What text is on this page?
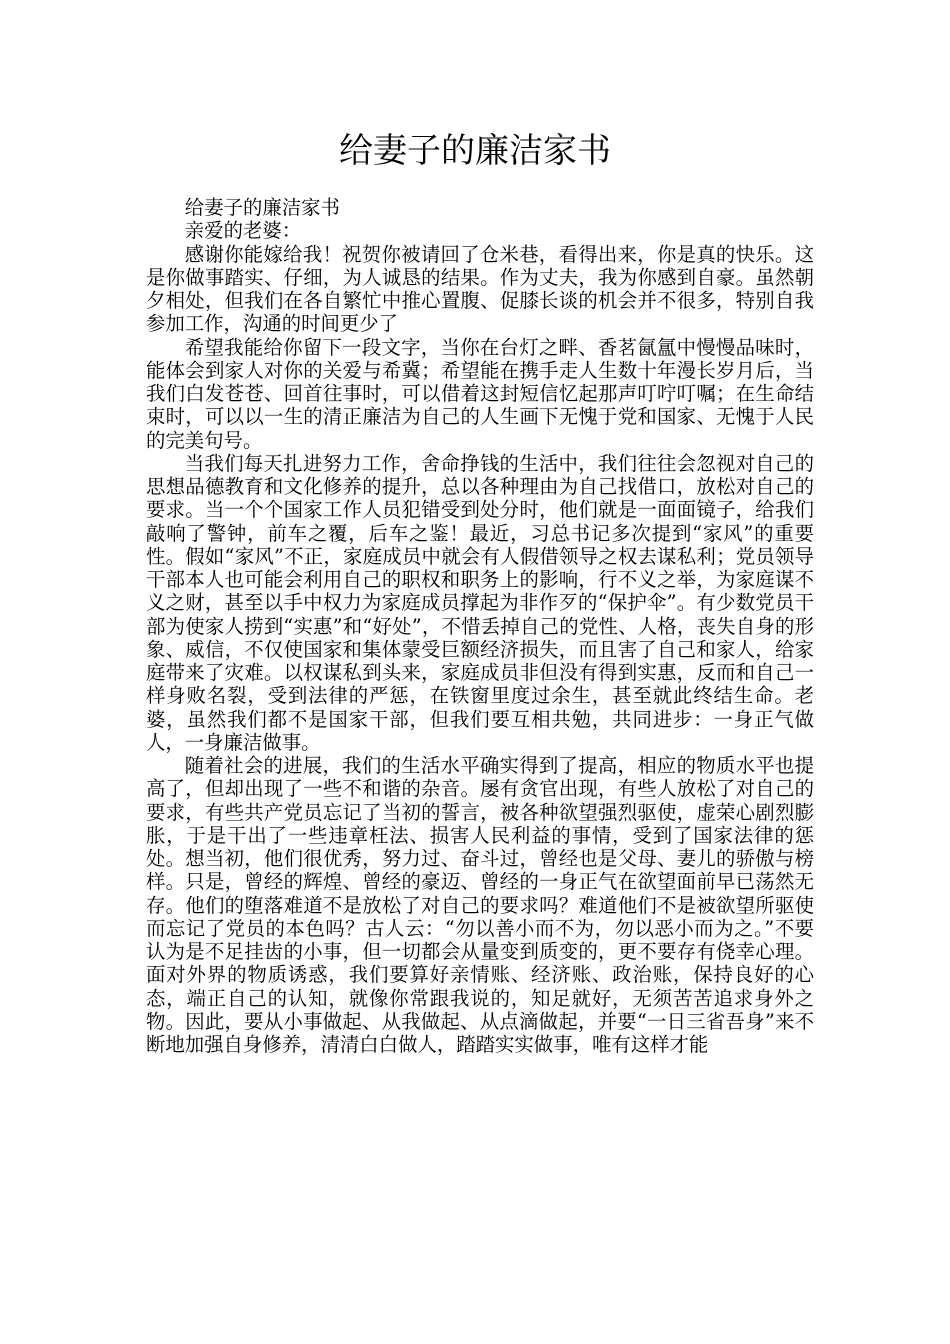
给妻子的廉洁家书

给妻子的廉洁家书

亲爱的老婆：

感谢你能嫁给我！祝贺你被请回了仓米巷，看得出来，你是真的快乐。这是你做事踏实、仔细，为人诚恳的结果。作为丈夫，我为你感到自豪。虽然朝夕相处，但我们在各自繁忙中推心置腹、促膝长谈的机会并不很多，特别自我参加工作，沟通的时间更少了

希望我能给你留下一段文字，当你在台灯之畔、香茗氤氲中慢慢品味时，能体会到家人对你的关爱与希冀；希望能在携手走人生数十年漫长岁月后，当我们白发苍苍、回首往事时，可以借着这封短信忆起那声叮咛叮嘱；在生命结束时，可以以一生的清正廉洁为自己的人生画下无愧于党和国家、无愧于人民的完美句号。

当我们每天扎进努力工作，舍命挣钱的生活中，我们往往会忽视对自己的思想品德教育和文化修养的提升，总以各种理由为自己找借口，放松对自己的要求。当一个个国家工作人员犯错受到处分时，他们就是一面面镜子，给我们敲响了警钟，前车之覆，后车之鉴！最近，习总书记多次提到“家风”的重要性。假如“家风”不正，家庭成员中就会有人假借领导之权去谋私利；党员领导干部本人也可能会利用自己的职权和职务上的影响，行不义之举，为家庭谋不义之财，甚至以手中权力为家庭成员撑起为非作歹的“保护伞”。有少数党员干部为使家人捞到“实惠”和“好处”，不惜丢掉自己的党性、人格，丧失自身的形象、威信，不仅使国家和集体蒙受巨额经济损失，而且害了自己和家人，给家庭带来了灾难。以权谋私到头来，家庭成员非但没有得到实惠，反而和自己一样身败名裂，受到法律的严惩，在铁窗里度过余生，甚至就此终结生命。老婆，虽然我们都不是国家干部，但我们要互相共勉，共同进步：一身正气做人，一身廉洁做事。

随着社会的进展，我们的生活水平确实得到了提高，相应的物质水平也提高了，但却出现了一些不和谐的杂音。屡有贪官出现，有些人放松了对自己的要求，有些共产党员忘记了当初的誓言，被各种欲望强烈驱使，虚荣心剧烈膨胀，于是干出了一些违章枉法、损害人民利益的事情，受到了国家法律的惩处。想当初，他们很优秀，努力过、奋斗过，曾经也是父母、妻儿的骄傲与榜样。只是，曾经的辉煌、曾经的豪迈、曾经的一身正气在欲望面前早已荡然无存。他们的堕落难道不是放松了对自己的要求吗？难道他们不是被欲望所驱使而忘记了党员的本色吗？古人云：“勿以善小而不为，勿以恶小而为之。”不要认为是不足挂齿的小事，但一切都会从量变到质变的，更不要存有侥幸心理。面对外界的物质诱惑，我们要算好亲情账、经济账、政治账，保持良好的心态，端正自己的认知，就像你常跟我说的，知足就好，无须苦苦追求身外之物。因此，要从小事做起、从我做起、从点滴做起，并要“一日三省吾身”来不断地加强自身修养，清清白白做人，踏踏实实做事，唯有这样才能
